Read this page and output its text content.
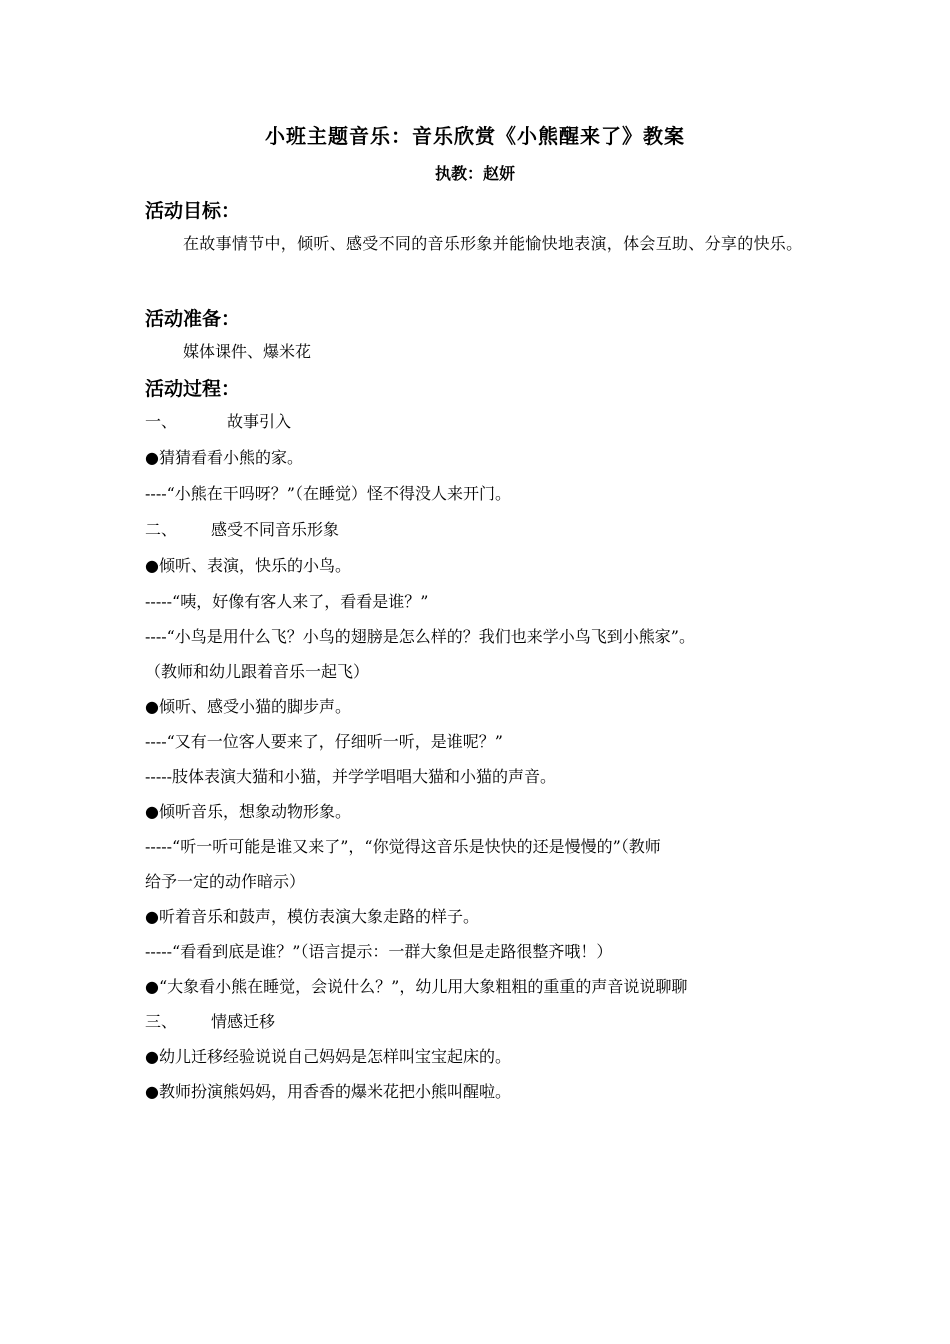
小班主题音乐：音乐欣赏《小熊醒来了》教案
执教：赵妍
活动目标：
在故事情节中，倾听、感受不同的音乐形象并能愉快地表演，体会互助、分享的快乐。
活动准备：
媒体课件、爆米花
活动过程：
一、	故事引入
●猜猜看看小熊的家。
----“小熊在干吗呀？”（在睡觉）怪不得没人来开门。
二、 感受不同音乐形象
●倾听、表演，快乐的小鸟。
-----“咦，好像有客人来了，看看是谁？”
----“小鸟是用什么飞？小鸟的翅膀是怎么样的？我们也来学小鸟飞到小熊家”。
（教师和幼儿跟着音乐一起飞）
●倾听、感受小猫的脚步声。
----“又有一位客人要来了，仔细听一听，是谁呢？”
-----肢体表演大猫和小猫，并学学唱唱大猫和小猫的声音。
●倾听音乐，想象动物形象。
-----“听一听可能是谁又来了”，“你觉得这音乐是快快的还是慢慢的”（教师
给予一定的动作暗示）
●听着音乐和鼓声，模仿表演大象走路的样子。
-----“看看到底是谁？”（语言提示：一群大象但是走路很整齐哦！）
●“大象看小熊在睡觉，会说什么？”，幼儿用大象粗粗的重重的声音说说聊聊
三、 情感迁移
●幼儿迁移经验说说自己妈妈是怎样叫宝宝起床的。
●教师扮演熊妈妈，用香香的爆米花把小熊叫醒啦。
